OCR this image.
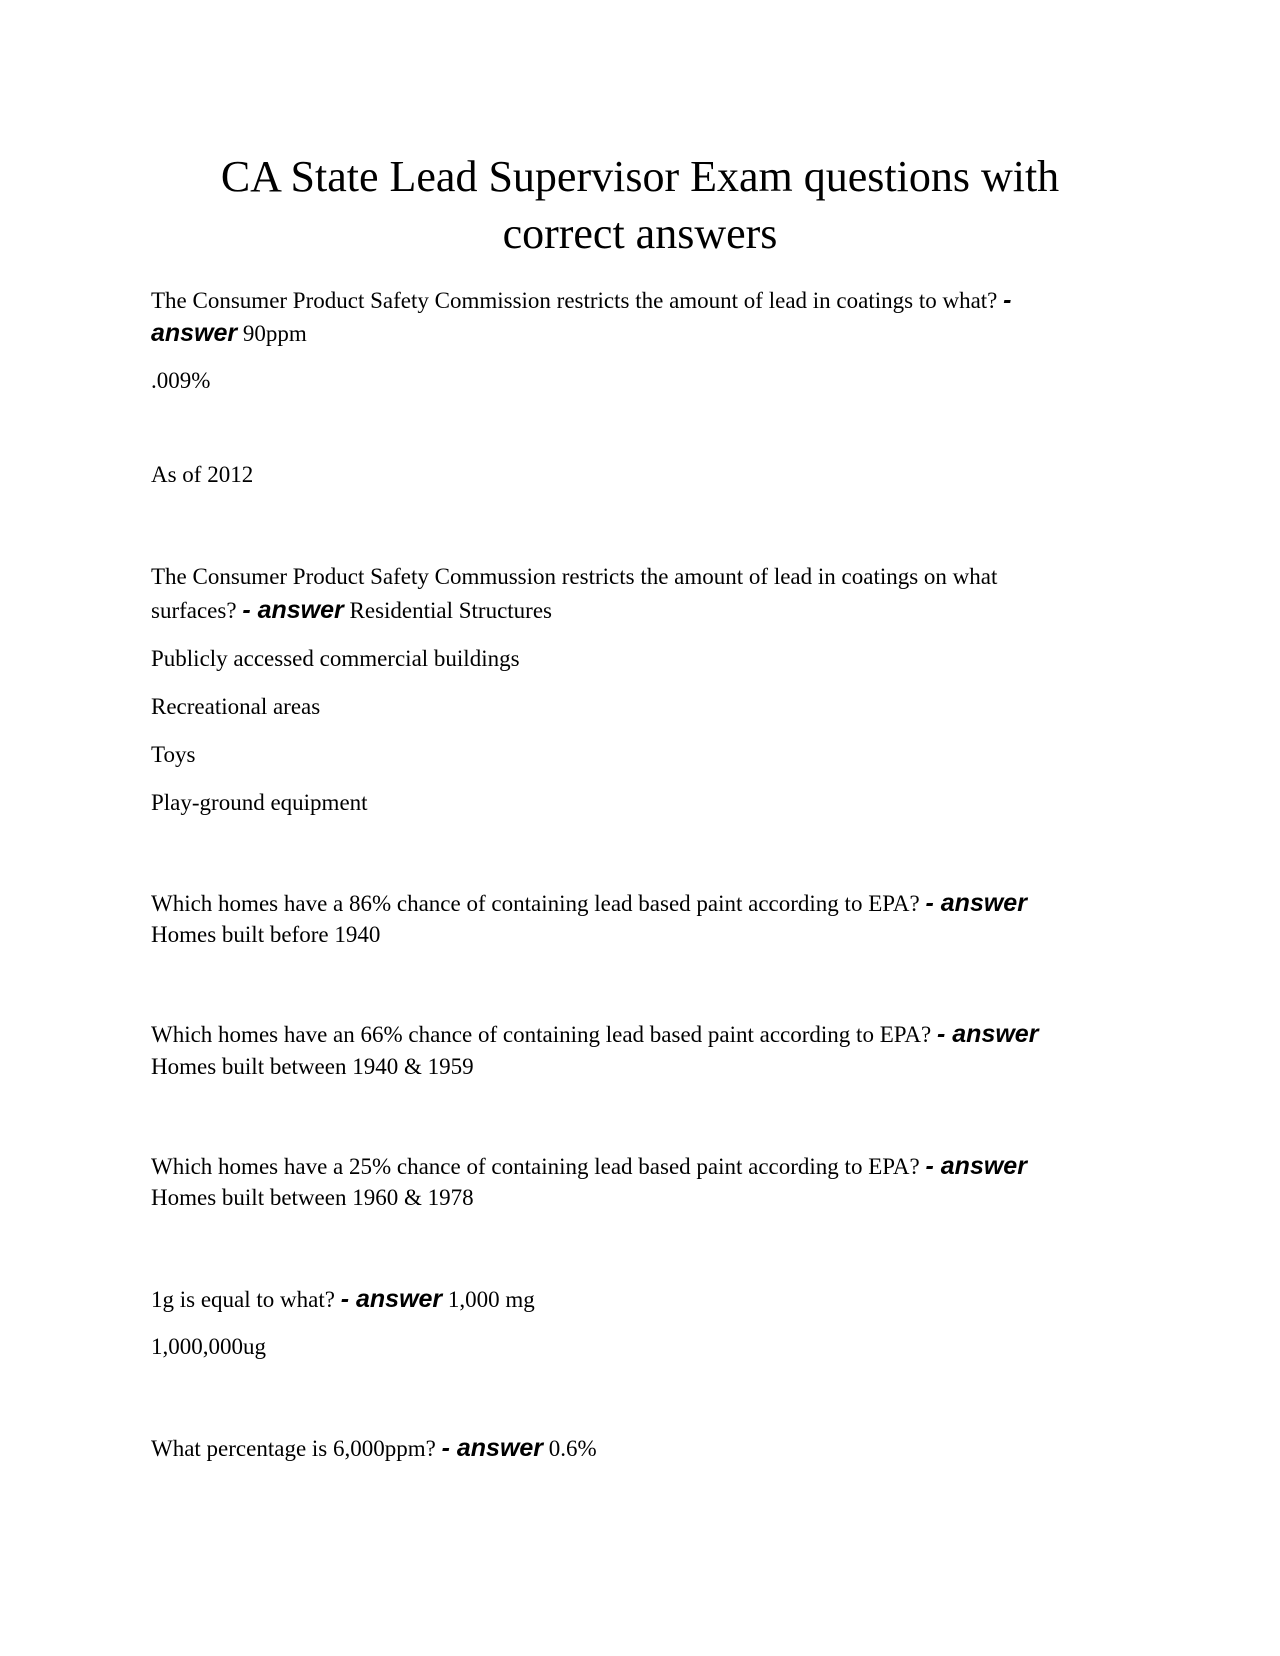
CA State Lead Supervisor Exam questions with
correct answers

The Consumer Product Safety Commission restricts the amount of lead in coatings to what? -

answer 90ppm

.009%

As of 2012

The Consumer Product Safety Commussion restricts the amount of lead in coatings on what

surfaces? - answer Residential Structures

Publicly accessed commercial buildings

Recreational areas

Toys

Play-ground equipment

Which homes have a 86% chance of containing lead based paint according to EPA? - answer

Homes built before 1940

Which homes have an 66% chance of containing lead based paint according to EPA? - answer

Homes built between 1940 & 1959

Which homes have a 25% chance of containing lead based paint according to EPA? - answer

Homes built between 1960 & 1978

1g is equal to what? - answer 1,000 mg

1,000,000ug

What percentage is 6,000ppm? - answer 0.6%
